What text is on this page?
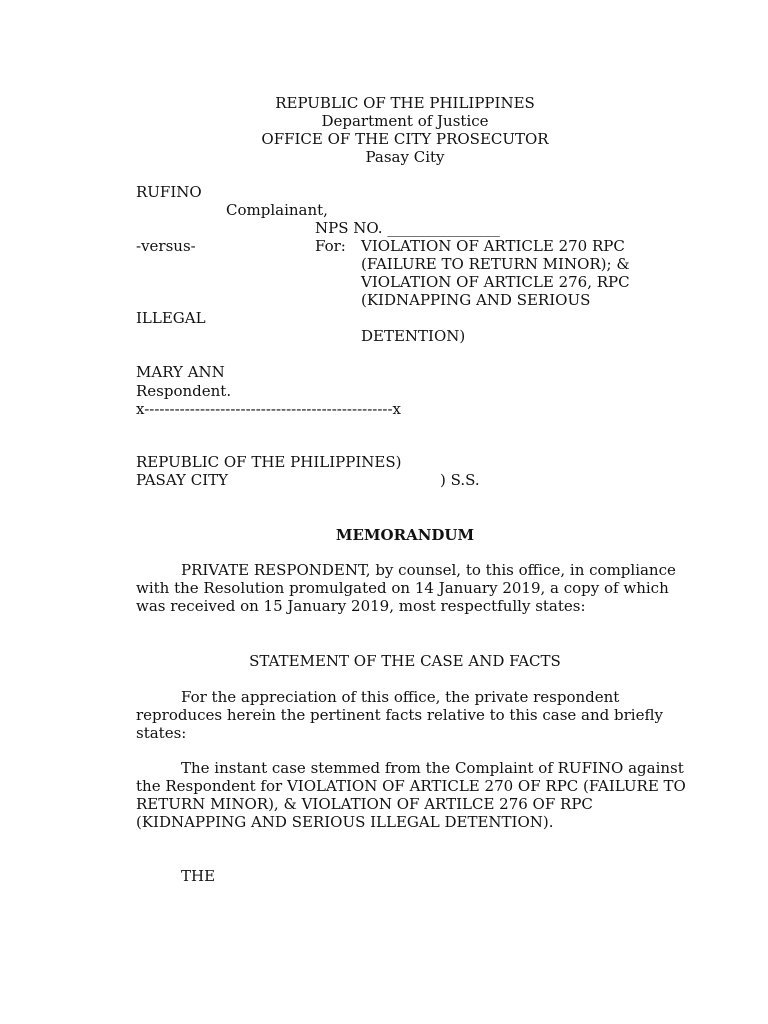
REPUBLIC OF THE PHILIPPINES
Department of Justice
OFFICE OF THE CITY PROSECUTOR
Pasay City
RUFINO
Complainant,
NPS NO. _______________
-versus-	For: VIOLATION OF ARTICLE 270 RPC
(FAILURE TO RETURN MINOR); &
VIOLATION OF ARTICLE 276, RPC
(KIDNAPPING AND SERIOUS
ILLEGAL
DETENTION)
MARY ANN
Respondent.
x-------------------------------------------------x
REPUBLIC OF THE PHILIPPINES)
PASAY CITY	) S.S.
MEMORANDUM

PRIVATE RESPONDENT, by counsel, to this office, in compliance with the Resolution promulgated on 14 January 2019, a copy of which was received on 15 January 2019, most respectfully states:

STATEMENT OF THE CASE AND FACTS

For the appreciation of this office, the private respondent reproduces herein the pertinent facts relative to this case and briefly states:

The instant case stemmed from the Complaint of RUFINO against the Respondent for VIOLATION OF ARTICLE 270 OF RPC (FAILURE TO RETURN MINOR), & VIOLATION OF ARTILCE 276 OF RPC (KIDNAPPING AND SERIOUS ILLEGAL DETENTION).

THE
